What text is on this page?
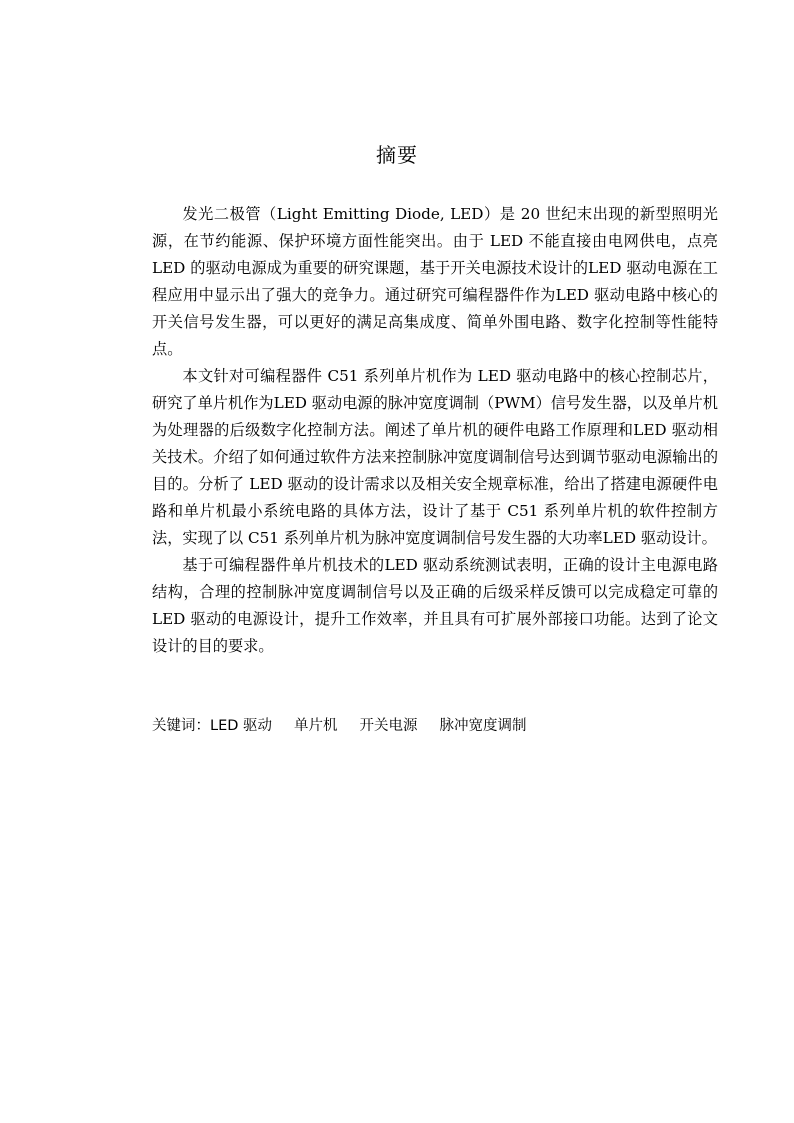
摘要

发光二极管（Light Emitting Diode, LED）是 20 世纪末出现的新型照明光源，在节约能源、保护环境方面性能突出。由于 LED 不能直接由电网供电，点亮 LED 的驱动电源成为重要的研究课题，基于开关电源技术设计的LED 驱动电源在工程应用中显示出了强大的竞争力。通过研究可编程器件作为LED 驱动电路中核心的开关信号发生器，可以更好的满足高集成度、简单外围电路、数字化控制等性能特点。

本文针对可编程器件 C51 系列单片机作为 LED 驱动电路中的核心控制芯片，研究了单片机作为LED 驱动电源的脉冲宽度调制（PWM）信号发生器，以及单片机为处理器的后级数字化控制方法。阐述了单片机的硬件电路工作原理和LED 驱动相关技术。介绍了如何通过软件方法来控制脉冲宽度调制信号达到调节驱动电源输出的目的。分析了 LED 驱动的设计需求以及相关安全规章标准，给出了搭建电源硬件电路和单片机最小系统电路的具体方法，设计了基于 C51 系列单片机的软件控制方法，实现了以 C51 系列单片机为脉冲宽度调制信号发生器的大功率LED 驱动设计。

基于可编程器件单片机技术的LED 驱动系统测试表明，正确的设计主电源电路结构，合理的控制脉冲宽度调制信号以及正确的后级采样反馈可以完成稳定可靠的 LED 驱动的电源设计，提升工作效率，并且具有可扩展外部接口功能。达到了论文设计的目的要求。

关键词：LED 驱动 单片机 开关电源 脉冲宽度调制
